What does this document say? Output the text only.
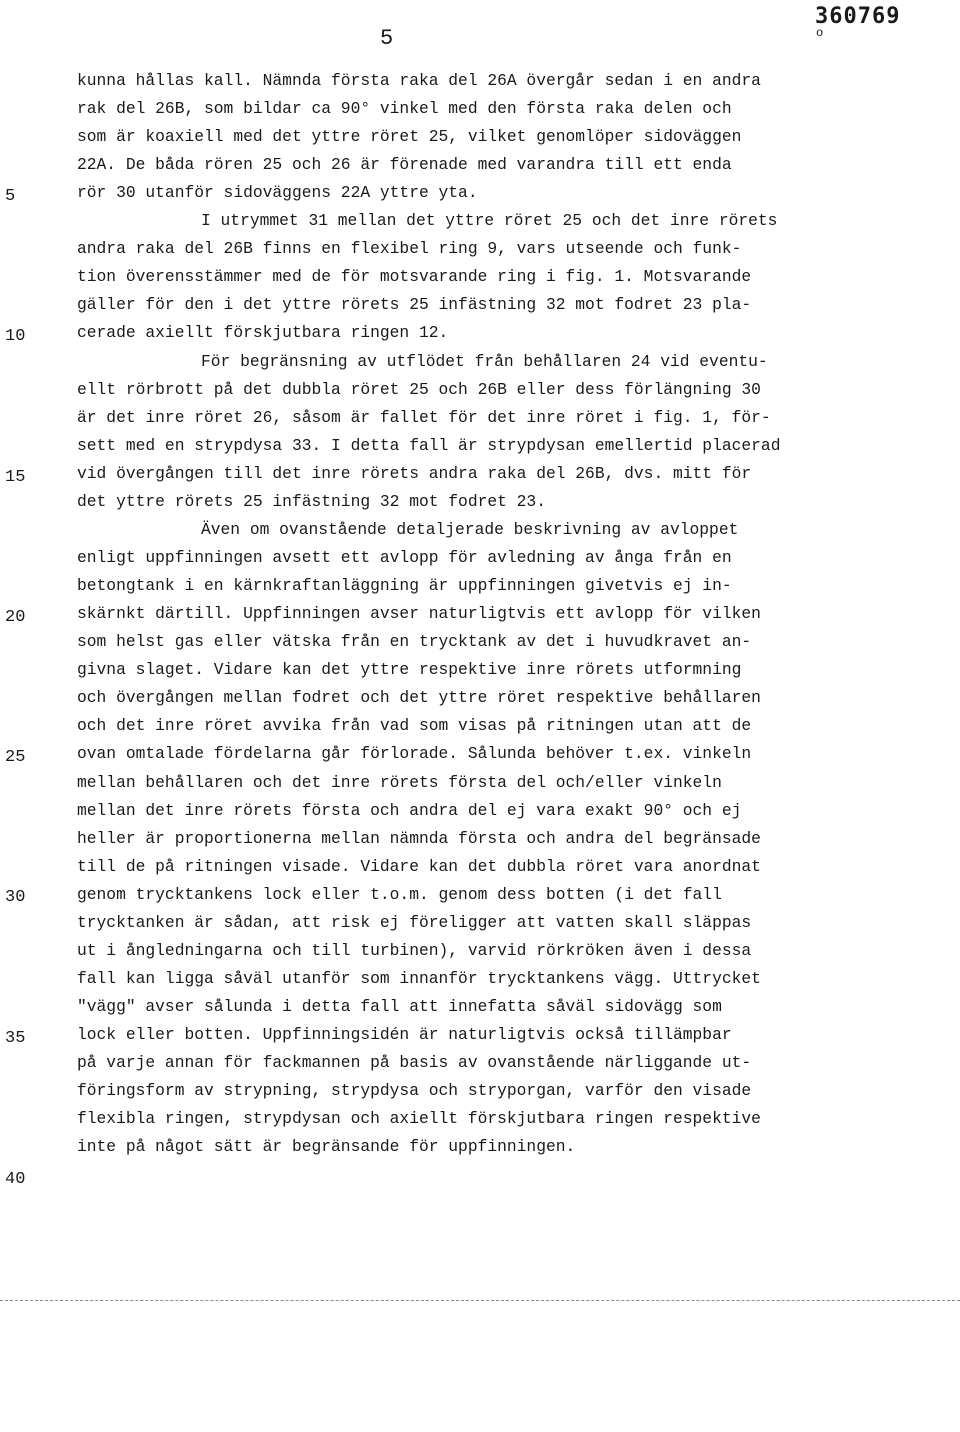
5
360769
o
5
10
15
20
25
30
35
40
kunna hållas kall. Nämnda första raka del 26A övergår sedan i en andra
rak del 26B, som bildar ca 90° vinkel med den första raka delen och
som är koaxiell med det yttre röret 25, vilket genomlöper sidoväggen
22A. De båda rören 25 och 26 är förenade med varandra till ett enda
rör 30 utanför sidoväggens 22A yttre yta.
I utrymmet 31 mellan det yttre röret 25 och det inre rörets
andra raka del 26B finns en flexibel ring 9, vars utseende och funk-
tion överensstämmer med de för motsvarande ring i fig. 1. Motsvarande
gäller för den i det yttre rörets 25 infästning 32 mot fodret 23 pla-
cerade axiellt förskjutbara ringen 12.
För begränsning av utflödet från behållaren 24 vid eventu-
ellt rörbrott på det dubbla röret 25 och 26B eller dess förlängning 30
är det inre röret 26, såsom är fallet för det inre röret i fig. 1, för-
sett med en strypdysa 33. I detta fall är strypdysan emellertid placerad
vid övergången till det inre rörets andra raka del 26B, dvs. mitt för
det yttre rörets 25 infästning 32 mot fodret 23.
Även om ovanstående detaljerade beskrivning av avloppet
enligt uppfinningen avsett ett avlopp för avledning av ånga från en
betongtank i en kärnkraftanläggning är uppfinningen givetvis ej in-
skärnkt därtill. Uppfinningen avser naturligtvis ett avlopp för vilken
som helst gas eller vätska från en trycktank av det i huvudkravet an-
givna slaget. Vidare kan det yttre respektive inre rörets utformning
och övergången mellan fodret och det yttre röret respektive behållaren
och det inre röret avvika från vad som visas på ritningen utan att de
ovan omtalade fördelarna går förlorade. Sålunda behöver t.ex. vinkeln
mellan behållaren och det inre rörets första del och/eller vinkeln
mellan det inre rörets första och andra del ej vara exakt 90° och ej
heller är proportionerna mellan nämnda första och andra del begränsade
till de på ritningen visade. Vidare kan det dubbla röret vara anordnat
genom trycktankens lock eller t.o.m. genom dess botten (i det fall
trycktanken är sådan, att risk ej föreligger att vatten skall släppas
ut i ångledningarna och till turbinen), varvid rörkröken även i dessa
fall kan ligga såväl utanför som innanför trycktankens vägg. Uttrycket
"vägg" avser sålunda i detta fall att innefatta såväl sidovägg som
lock eller botten. Uppfinningsidén är naturligtvis också tillämpbar
på varje annan för fackmannen på basis av ovanstående närliggande ut-
föringsform av strypning, strypdysa och stryporgan, varför den visade
flexibla ringen, strypdysan och axiellt förskjutbara ringen respektive
inte på något sätt är begränsande för uppfinningen.
